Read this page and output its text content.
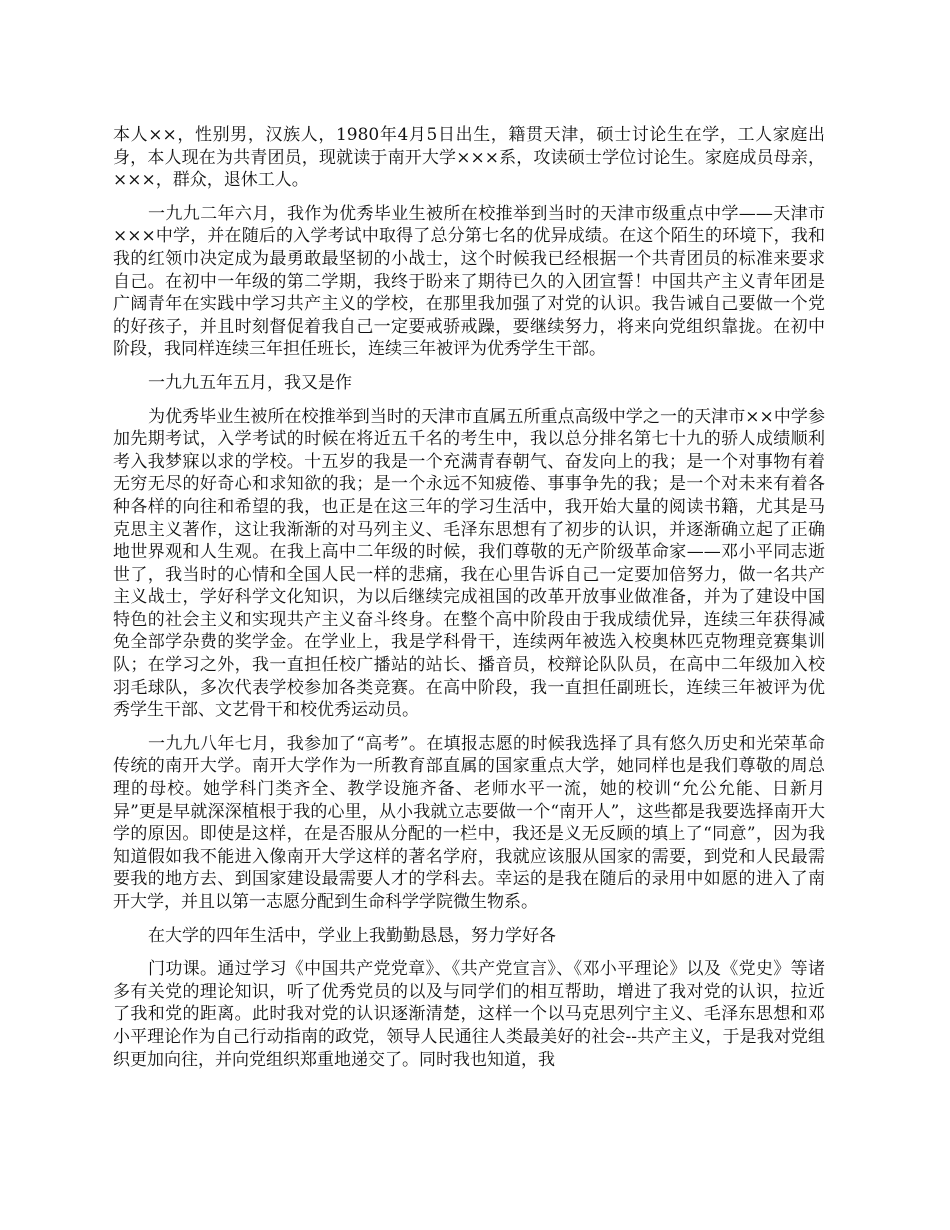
本人××，性别男，汉族人，1980年4月5日出生，籍贯天津，硕士讨论生在学，工人家庭出身，本人现在为共青团员，现就读于南开大学×××系，攻读硕士学位讨论生。家庭成员母亲，×××，群众，退休工人。

一九九二年六月，我作为优秀毕业生被所在校推举到当时的天津市级重点中学——天津市×××中学，并在随后的入学考试中取得了总分第七名的优异成绩。在这个陌生的环境下，我和我的红领巾决定成为最勇敢最坚韧的小战士，这个时候我已经根据一个共青团员的标准来要求自己。在初中一年级的第二学期，我终于盼来了期待已久的入团宣誓！中国共产主义青年团是广阔青年在实践中学习共产主义的学校，在那里我加强了对党的认识。我告诫自己要做一个党的好孩子，并且时刻督促着我自己一定要戒骄戒躁，要继续努力，将来向党组织靠拢。在初中阶段，我同样连续三年担任班长，连续三年被评为优秀学生干部。

一九九五年五月，我又是作

为优秀毕业生被所在校推举到当时的天津市直属五所重点高级中学之一的天津市××中学参加先期考试，入学考试的时候在将近五千名的考生中，我以总分排名第七十九的骄人成绩顺利考入我梦寐以求的学校。十五岁的我是一个充满青春朝气、奋发向上的我；是一个对事物有着无穷无尽的好奇心和求知欲的我；是一个永远不知疲倦、事事争先的我；是一个对未来有着各种各样的向往和希望的我，也正是在这三年的学习生活中，我开始大量的阅读书籍，尤其是马克思主义著作，这让我渐渐的对马列主义、毛泽东思想有了初步的认识，并逐渐确立起了正确地世界观和人生观。在我上高中二年级的时候，我们尊敬的无产阶级革命家——邓小平同志逝世了，我当时的心情和全国人民一样的悲痛，我在心里告诉自己一定要加倍努力，做一名共产主义战士，学好科学文化知识，为以后继续完成祖国的改革开放事业做准备，并为了建设中国特色的社会主义和实现共产主义奋斗终身。在整个高中阶段由于我成绩优异，连续三年获得减免全部学杂费的奖学金。在学业上，我是学科骨干，连续两年被选入校奥林匹克物理竞赛集训队；在学习之外，我一直担任校广播站的站长、播音员，校辩论队队员，在高中二年级加入校羽毛球队，多次代表学校参加各类竞赛。在高中阶段，我一直担任副班长，连续三年被评为优秀学生干部、文艺骨干和校优秀运动员。

一九九八年七月，我参加了“高考”。在填报志愿的时候我选择了具有悠久历史和光荣革命传统的南开大学。南开大学作为一所教育部直属的国家重点大学，她同样也是我们尊敬的周总理的母校。她学科门类齐全、教学设施齐备、老师水平一流，她的校训“允公允能、日新月异”更是早就深深植根于我的心里，从小我就立志要做一个“南开人”，这些都是我要选择南开大学的原因。即使是这样，在是否服从分配的一栏中，我还是义无反顾的填上了“同意”，因为我知道假如我不能进入像南开大学这样的著名学府，我就应该服从国家的需要，到党和人民最需要我的地方去、到国家建设最需要人才的学科去。幸运的是我在随后的录用中如愿的进入了南开大学，并且以第一志愿分配到生命科学学院微生物系。

在大学的四年生活中，学业上我勤勤恳恳，努力学好各

门功课。通过学习《中国共产党党章》、《共产党宣言》、《邓小平理论》以及《党史》等诸多有关党的理论知识，听了优秀党员的以及与同学们的相互帮助，增进了我对党的认识，拉近了我和党的距离。此时我对党的认识逐渐清楚，这样一个以马克思列宁主义、毛泽东思想和邓小平理论作为自己行动指南的政党，领导人民通往人类最美好的社会--共产主义，于是我对党组织更加向往，并向党组织郑重地递交了。同时我也知道，我
